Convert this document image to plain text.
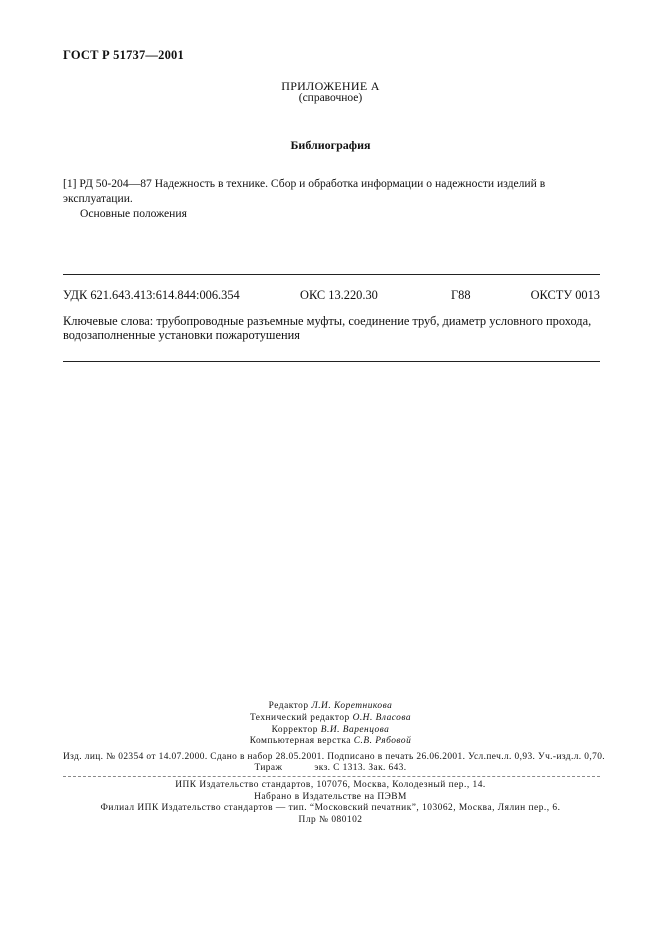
ГОСТ Р 51737—2001
ПРИЛОЖЕНИЕ А
(справочное)
Библиография
[1] РД 50-204—87 Надежность в технике. Сбор и обработка информации о надежности изделий в эксплуатации.
Основные положения
УДК 621.643.413:614.844:006.354	ОКС 13.220.30	Г88	ОКСТУ 0013
Ключевые слова: трубопроводные разъемные муфты, соединение труб, диаметр условного прохода, водозаполненные установки пожаротушения
Редактор Л.И. Коретникова
Технический редактор О.Н. Власова
Корректор В.И. Варенцова
Компьютерная верстка С.В. Рябовой
Изд. лиц. № 02354 от 14.07.2000. Сдано в набор 28.05.2001. Подписано в печать 26.06.2001. Усл.печ.л. 0,93. Уч.-изд.л. 0,70.
Тираж	экз. С 1313. Зак. 643.
ИПК Издательство стандартов, 107076, Москва, Колодезный пер., 14.
Набрано в Издательстве на ПЭВМ
Филиал ИПК Издательство стандартов — тип. “Московский печатник”, 103062, Москва, Лялин пер., 6.
Плр № 080102
